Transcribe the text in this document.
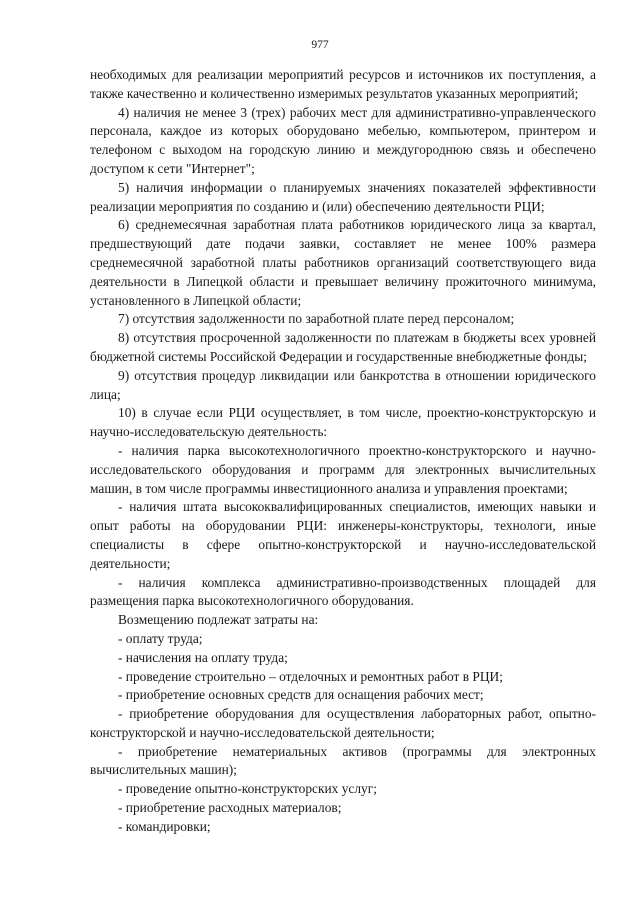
977

необходимых для реализации мероприятий ресурсов и источников их поступления, а также качественно и количественно измеримых результатов указанных мероприятий;

4) наличия не менее 3 (трех) рабочих мест для административно-управленческого персонала, каждое из которых оборудовано мебелью, компьютером, принтером и телефоном с выходом на городскую линию и междугороднюю связь и обеспечено доступом к сети "Интернет";

5) наличия информации о планируемых значениях показателей эффективности реализации мероприятия по созданию и (или) обеспечению деятельности РЦИ;

6) среднемесячная заработная плата работников юридического лица за квартал, предшествующий дате подачи заявки, составляет не менее 100% размера среднемесячной заработной платы работников организаций соответствующего вида деятельности в Липецкой области и превышает величину прожиточного минимума, установленного в Липецкой области;

7) отсутствия задолженности по заработной плате перед персоналом;

8) отсутствия просроченной задолженности по платежам в бюджеты всех уровней бюджетной системы Российской Федерации и государственные внебюджетные фонды;

9) отсутствия процедур ликвидации или банкротства в отношении юридического лица;

10) в случае если РЦИ осуществляет, в том числе, проектно-конструкторскую и научно-исследовательскую деятельность:

- наличия парка высокотехнологичного проектно-конструкторского и научно-исследовательского оборудования и программ для электронных вычислительных машин, в том числе программы инвестиционного анализа и управления проектами;

- наличия штата высококвалифицированных специалистов, имеющих навыки и опыт работы на оборудовании РЦИ: инженеры-конструкторы, технологи, иные специалисты в сфере опытно-конструкторской и научно-исследовательской деятельности;

- наличия комплекса административно-производственных площадей для размещения парка высокотехнологичного оборудования.

Возмещению подлежат затраты на:

- оплату труда;

- начисления на оплату труда;

- проведение строительно – отделочных и ремонтных работ в РЦИ;

- приобретение основных средств для оснащения рабочих мест;

- приобретение оборудования для осуществления лабораторных работ, опытно-конструкторской и научно-исследовательской деятельности;

- приобретение нематериальных активов (программы для электронных вычислительных машин);

- проведение опытно-конструкторских услуг;

- приобретение расходных материалов;

- командировки;
